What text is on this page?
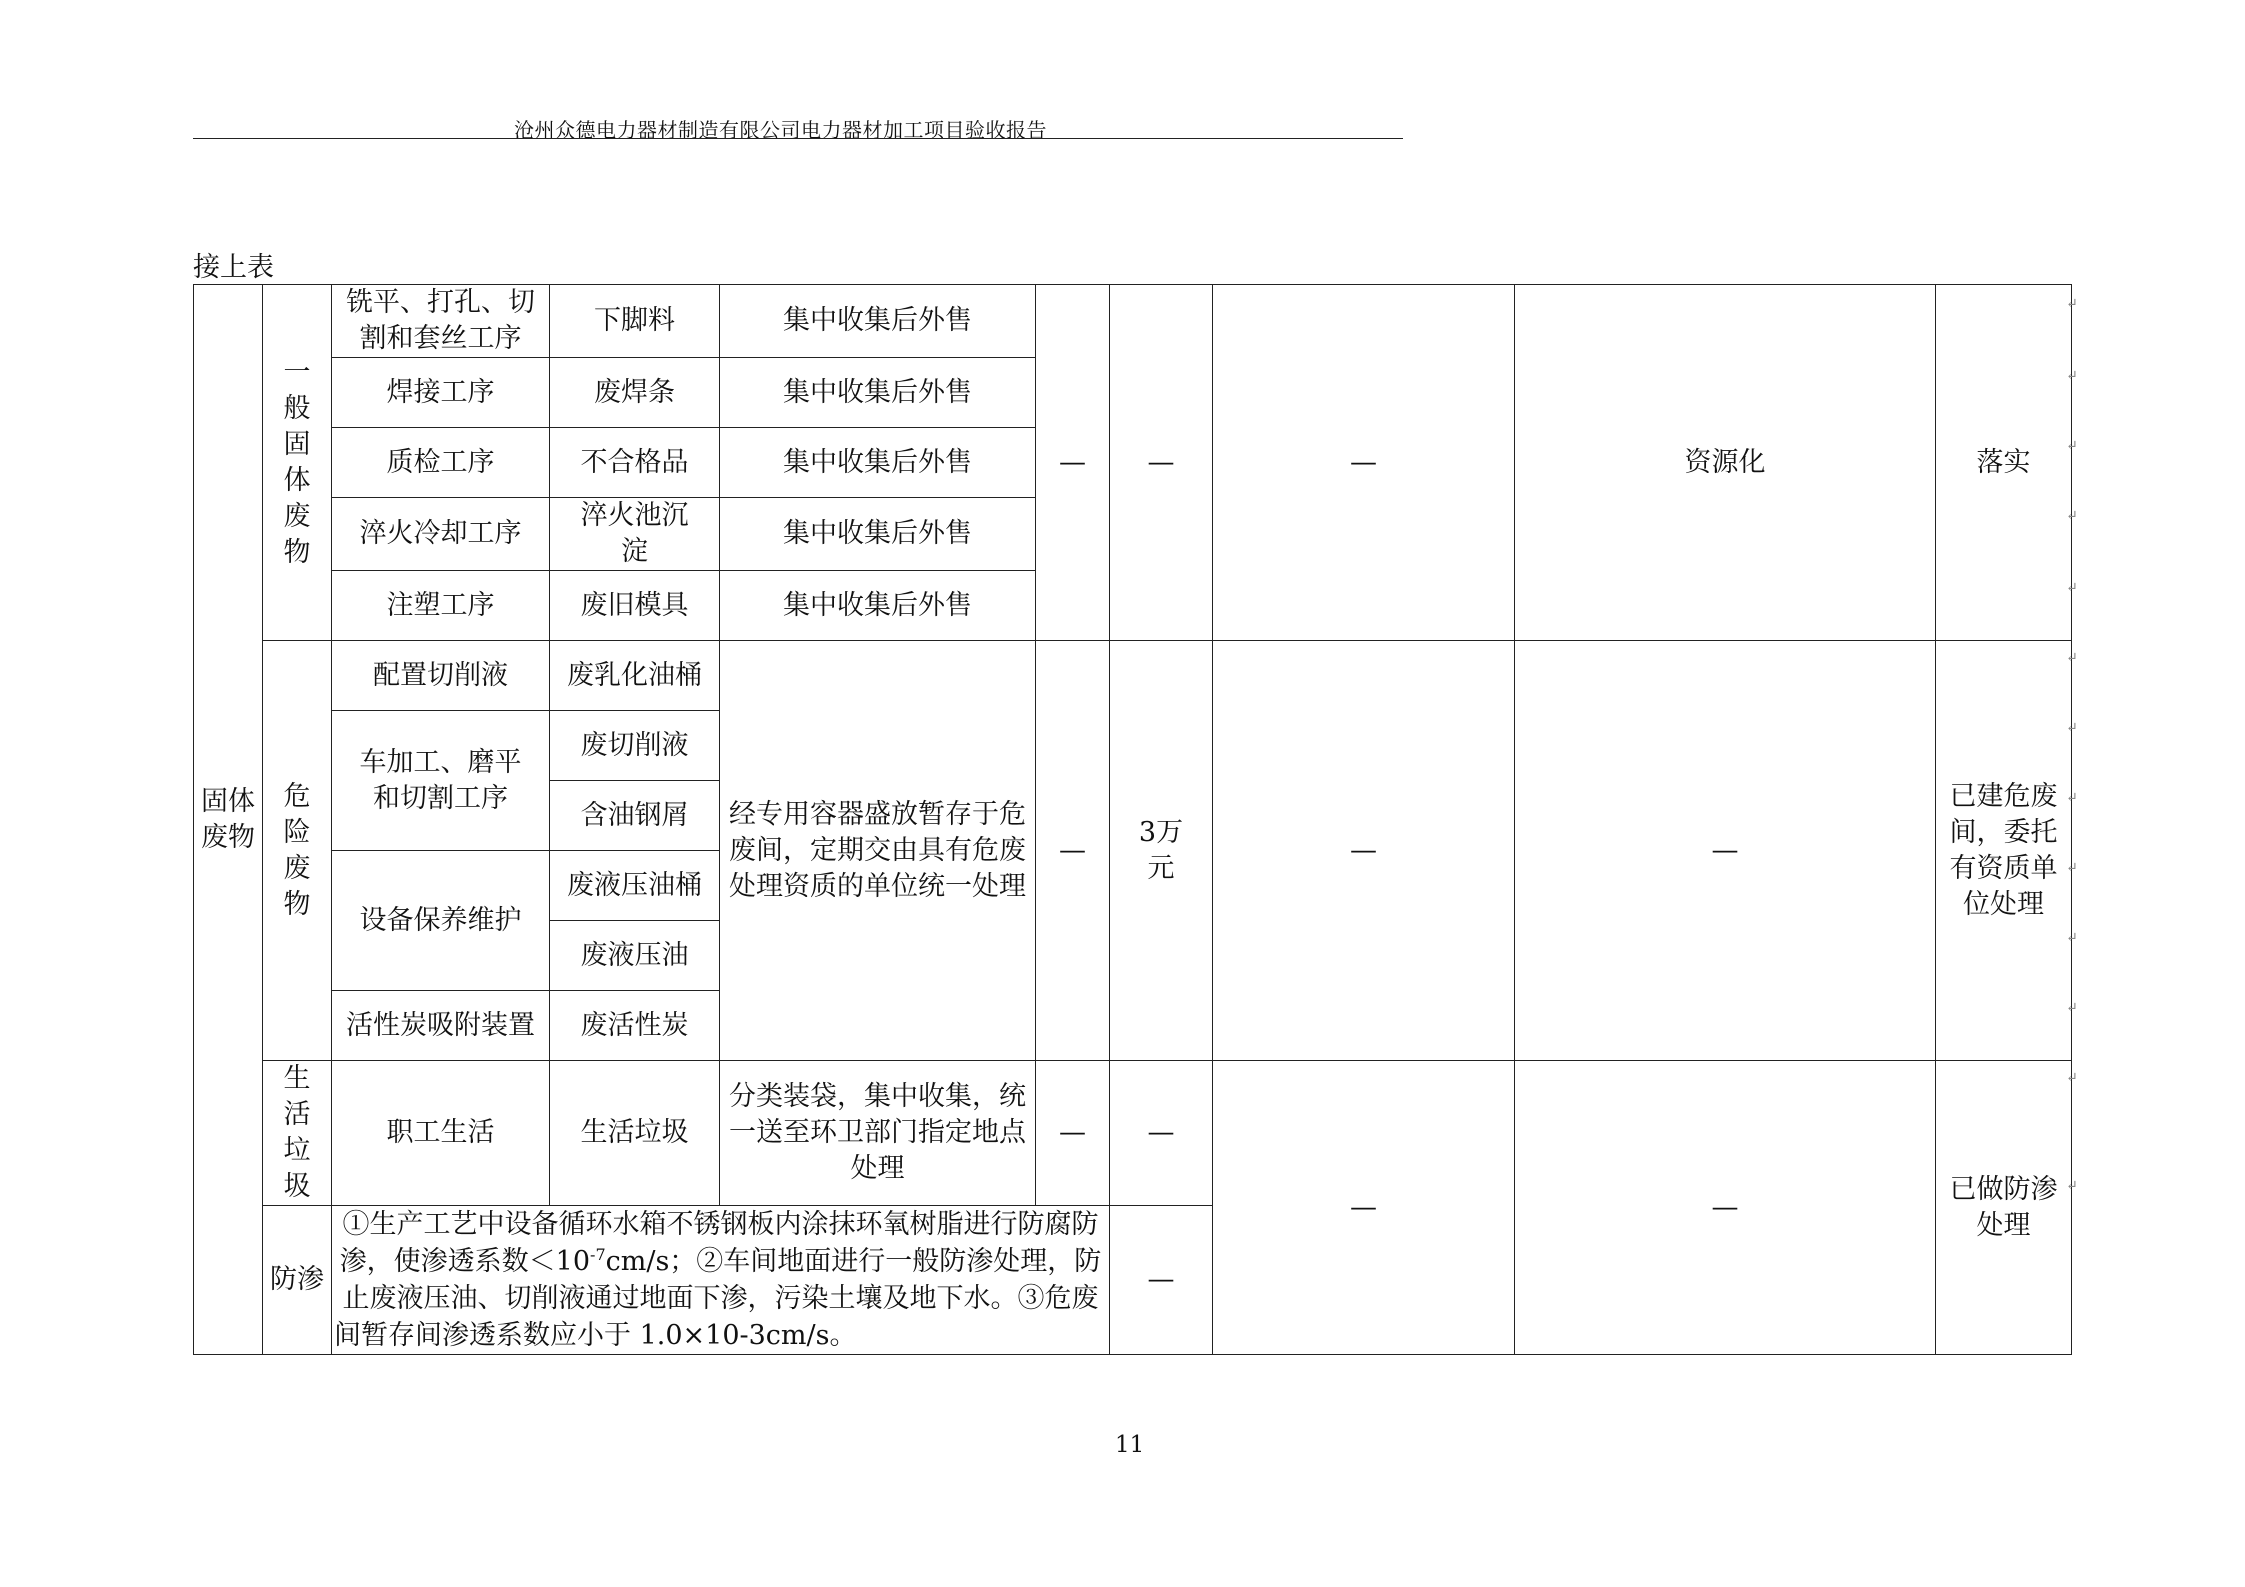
沧州众德电力器材制造有限公司电力器材加工项目验收报告
接上表
固体废物	一般固体废物	铣平、打孔、切割和套丝工序	下脚料	集中收集后外售	—	—	—	资源化	落实	
		焊接工序	废焊条	集中收集后外售						
		质检工序	不合格品	集中收集后外售						
		淬火冷却工序	淬火池沉淀	集中收集后外售						
		注塑工序	废旧模具	集中收集后外售						
	危险废物	配置切削液	废乳化油桶	经专用容器盛放暂存于危废间，定期交由具有危废处理资质的单位统一处理	—	3万元	—	—	已建危废间，委托有资质单位处理	
		车加工、磨平和切割工序	废切削液							
			含油钢屑							
		设备保养维护	废液压油桶							
			废液压油							
		活性炭吸附装置	废活性炭							
	生活垃圾	职工生活	生活垃圾	分类装袋，集中收集，统一送至环卫部门指定地点处理	—	—	—	—	已做防渗处理	
	防渗	①生产工艺中设备循环水箱不锈钢板内涂抹环氧树脂进行防腐防渗，使渗透系数$<10^{-7}cm/s$；②车间地面进行一般防渗处理，防止废液压油、切削液通过地面下渗，污染土壤及地下水。③危废间暂存间渗透系数应小于 1.0×10-3cm/s。				—	
↵
↵
↵
↵
↵
↵
↵
↵
↵
↵
↵
↵
↵
11
